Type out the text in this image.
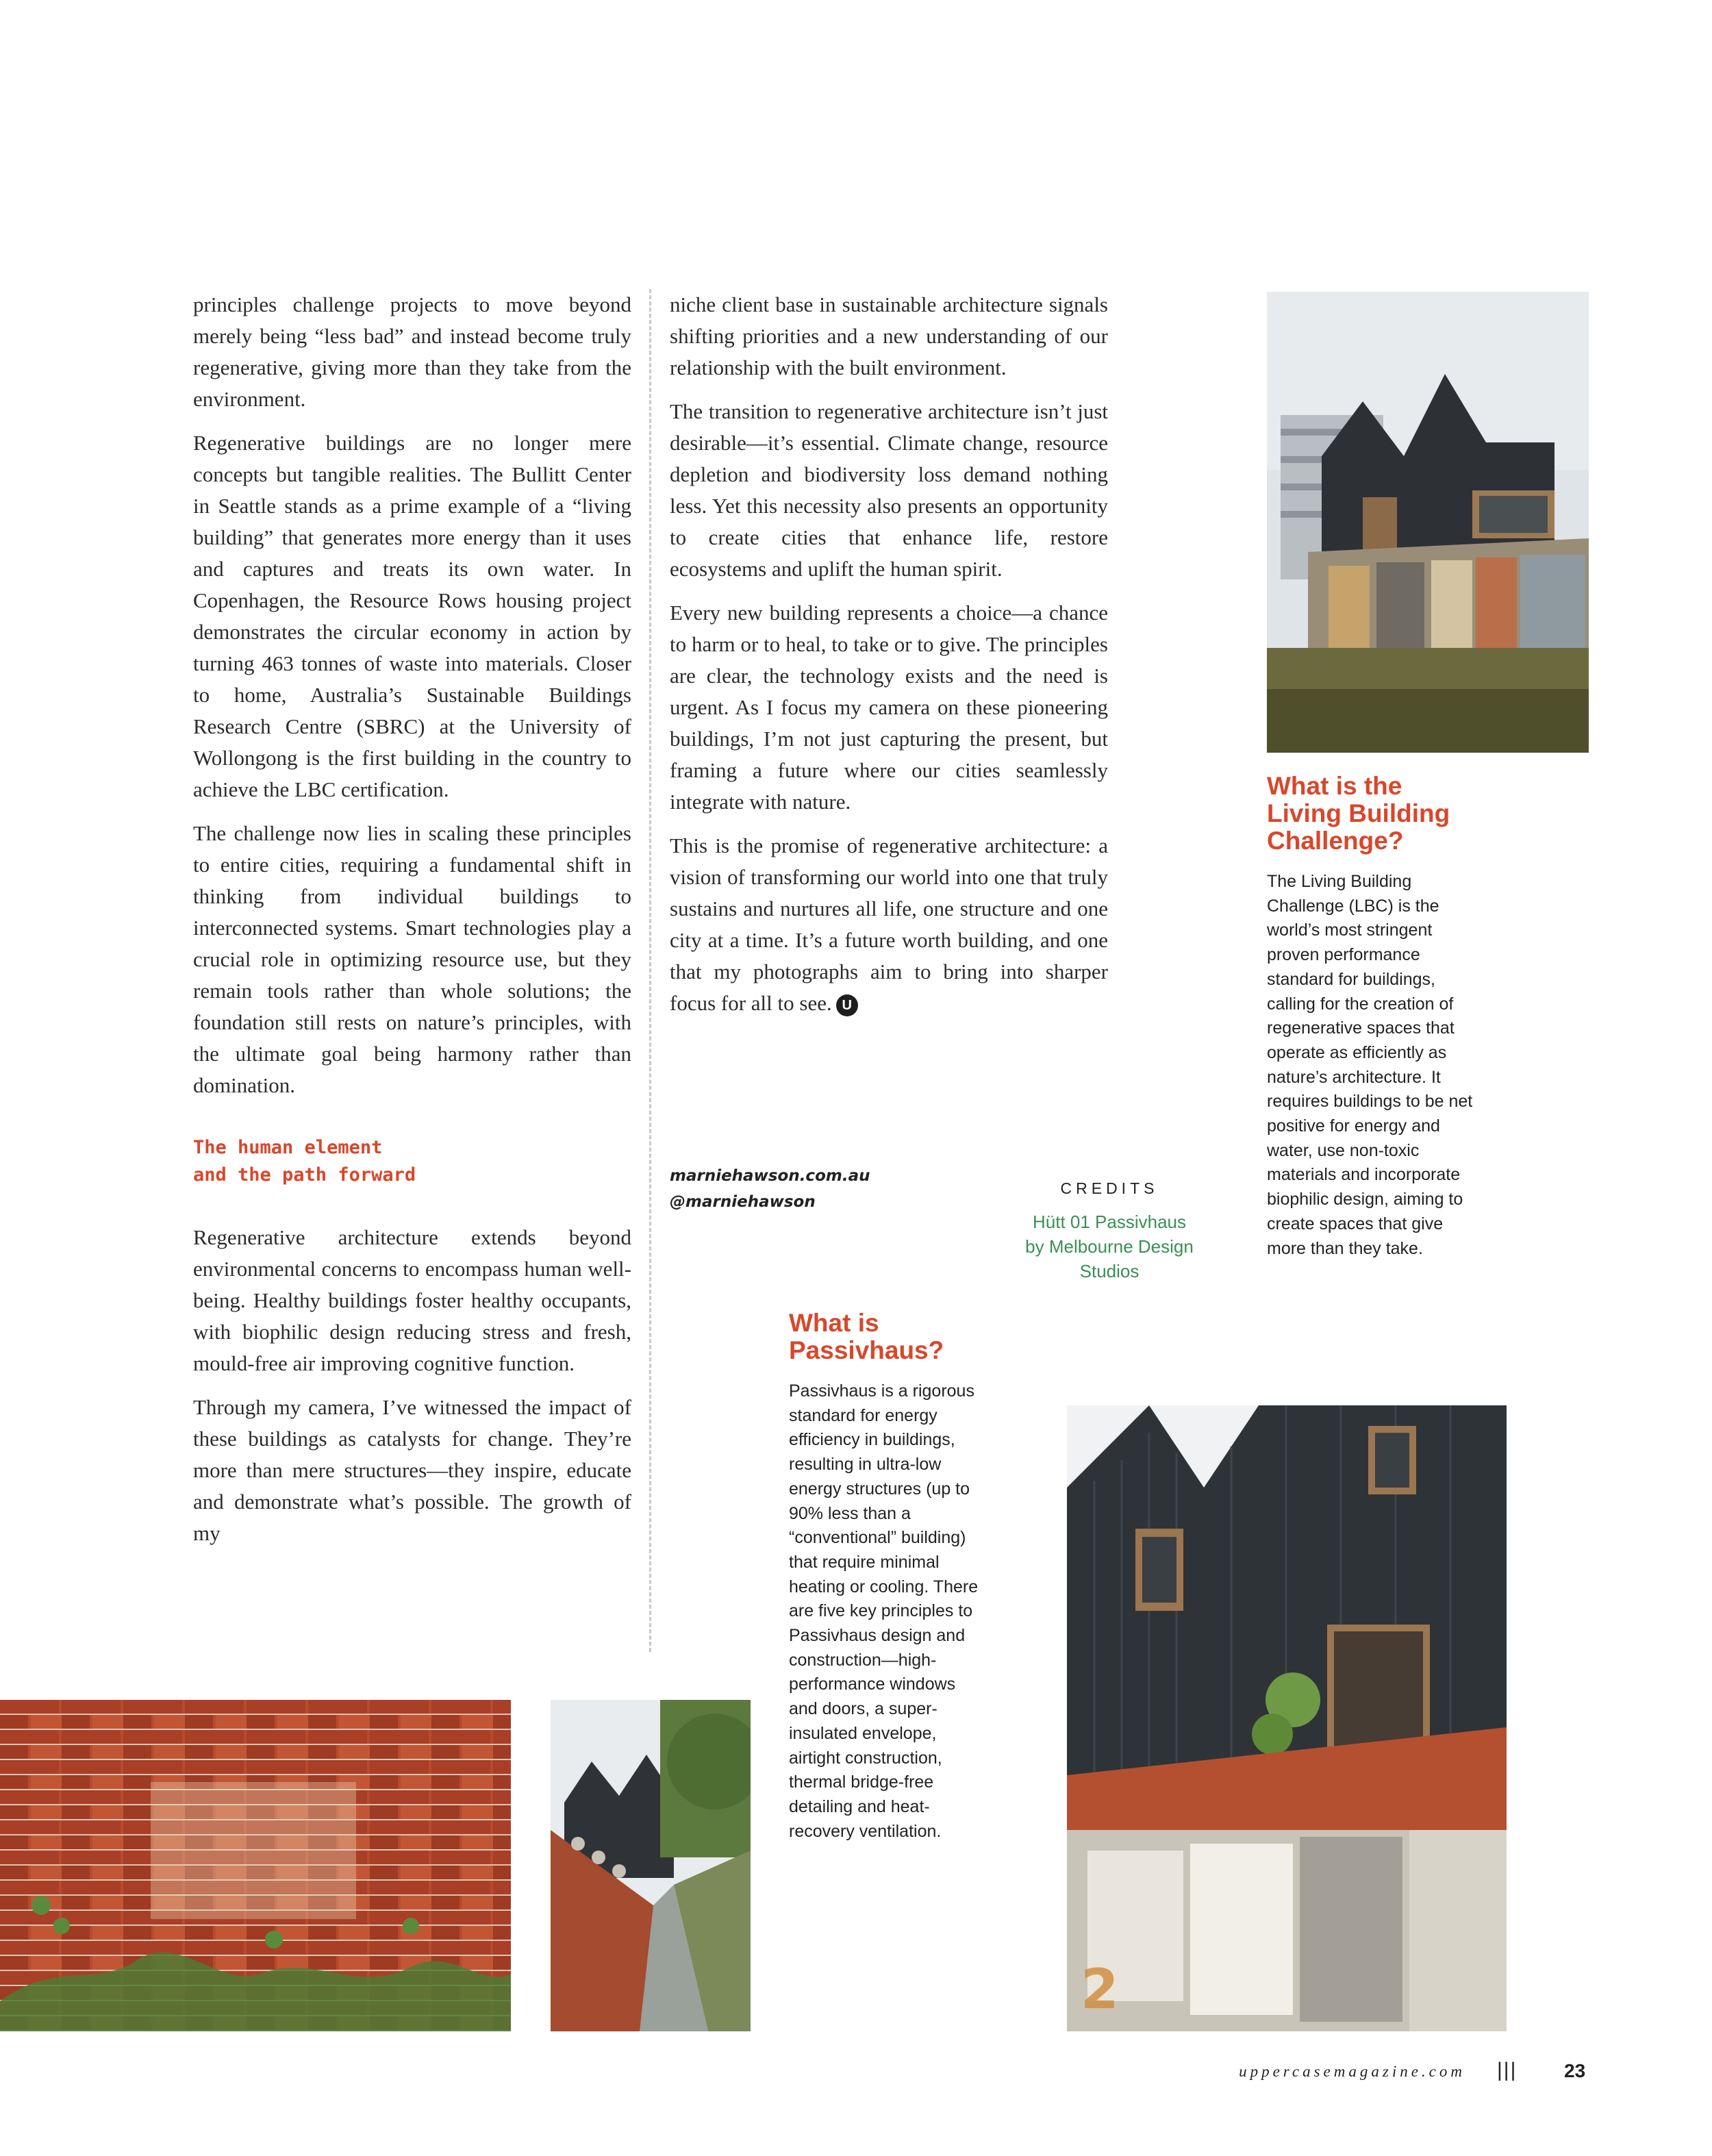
principles challenge projects to move beyond merely being “less bad” and instead become truly regenerative, giving more than they take from the environment.

Regenerative buildings are no longer mere concepts but tangible realities. The Bullitt Center in Seattle stands as a prime example of a “living building” that generates more energy than it uses and captures and treats its own water. In Copenhagen, the Resource Rows housing project demonstrates the circular economy in action by turning 463 tonnes of waste into materials. Closer to home, Australia’s Sustainable Buildings Research Centre (SBRC) at the University of Wollongong is the first building in the country to achieve the LBC certification.

The challenge now lies in scaling these principles to entire cities, requiring a fundamental shift in thinking from individual buildings to interconnected systems. Smart technologies play a crucial role in optimizing resource use, but they remain tools rather than whole solutions; the foundation still rests on nature’s principles, with the ultimate goal being harmony rather than domination.

The human element
and the path forward

Regenerative architecture extends beyond environmental concerns to encompass human well-being. Healthy buildings foster healthy occupants, with biophilic design reducing stress and fresh, mould-free air improving cognitive function.

Through my camera, I’ve witnessed the impact of these buildings as catalysts for change. They’re more than mere structures—they inspire, educate and demonstrate what’s possible. The growth of my

niche client base in sustainable architecture signals shifting priorities and a new understanding of our relationship with the built environment.

The transition to regenerative architecture isn’t just desirable—it’s essential. Climate change, resource depletion and biodiversity loss demand nothing less. Yet this necessity also presents an opportunity to create cities that enhance life, restore ecosystems and uplift the human spirit.

Every new building represents a choice—a chance to harm or to heal, to take or to give. The principles are clear, the technology exists and the need is urgent. As I focus my camera on these pioneering buildings, I’m not just capturing the present, but framing a future where our cities seamlessly integrate with nature.

This is the promise of regenerative architecture: a vision of transforming our world into one that truly sustains and nurtures all life, one structure and one city at a time. It’s a future worth building, and one that my photographs aim to bring into sharper focus for all to see. U

marniehawson.com.au
@marniehawson
CREDITS
Hütt 01 Passivhaus
by Melbourne Design
Studios
What is the
Living Building
Challenge?

The Living Building Challenge (LBC) is the world’s most stringent proven performance standard for buildings, calling for the creation of regenerative spaces that operate as efficiently as nature’s architecture. It requires buildings to be net positive for energy and water, use non-toxic materials and incorporate biophilic design, aiming to create spaces that give more than they take.

What is
Passivhaus?

Passivhaus is a rigorous standard for energy efficiency in buildings, resulting in ultra-low energy structures (up to 90% less than a “conventional” building) that require minimal heating or cooling. There are five key principles to Passivhaus design and construction—high-performance windows and doors, a super-insulated envelope, airtight construction, thermal bridge-free detailing and heat-recovery ventilation.

2
uppercasemagazine.com ||| 23
